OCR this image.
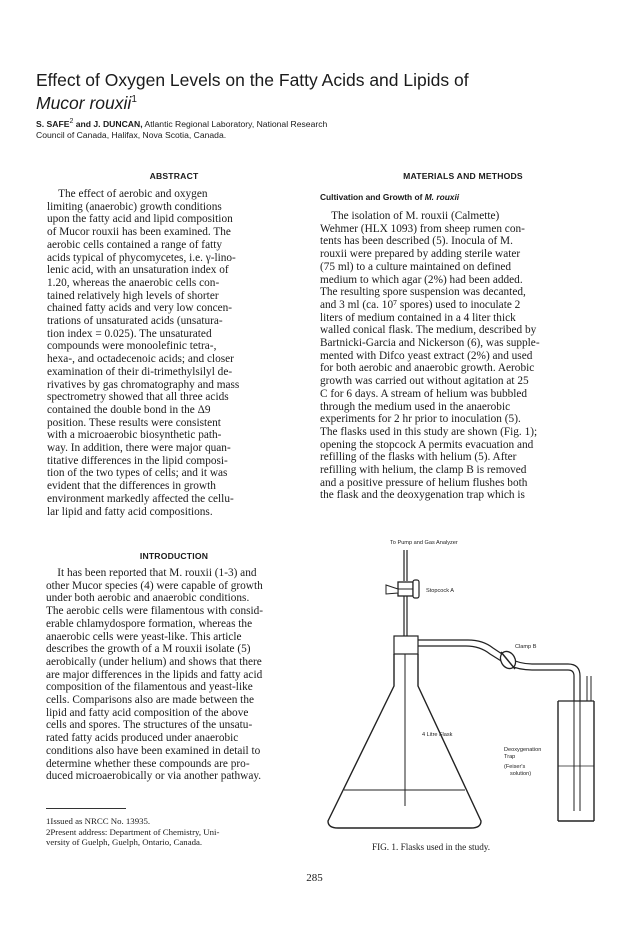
Effect of Oxygen Levels on the Fatty Acids and Lipids of
Mucor rouxii$^1$
S. SAFE$^2$ and J. DUNCAN, Atlantic Regional Laboratory, National Research
Council of Canada, Halifax, Nova Scotia, Canada.
ABSTRACT
The effect of aerobic and oxygen
limiting (anaerobic) growth conditions
upon the fatty acid and lipid composition
of Mucor rouxii has been examined. The
aerobic cells contained a range of fatty
acids typical of phycomycetes, i.e. γ-lino-
lenic acid, with an unsaturation index of
1.20, whereas the anaerobic cells con-
tained relatively high levels of shorter
chained fatty acids and very low concen-
trations of unsaturated acids (unsatura-
tion index = 0.025). The unsaturated
compounds were monoolefinic tetra-,
hexa-, and octadecenoic acids; and closer
examination of their di-trimethylsilyl de-
rivatives by gas chromatography and mass
spectrometry showed that all three acids
contained the double bond in the Δ9
position. These results were consistent
with a microaerobic biosynthetic path-
way. In addition, there were major quan-
titative differences in the lipid composi-
tion of the two types of cells; and it was
evident that the differences in growth
environment markedly affected the cellu-
lar lipid and fatty acid compositions.
INTRODUCTION
It has been reported that M. rouxii (1-3) and
other Mucor species (4) were capable of growth
under both aerobic and anaerobic conditions.
The aerobic cells were filamentous with consid-
erable chlamydospore formation, whereas the
anaerobic cells were yeast-like. This article
describes the growth of a M rouxii isolate (5)
aerobically (under helium) and shows that there
are major differences in the lipids and fatty acid
composition of the filamentous and yeast-like
cells. Comparisons also are made between the
lipid and fatty acid composition of the above
cells and spores. The structures of the unsatu-
rated fatty acids produced under anaerobic
conditions also have been examined in detail to
determine whether these compounds are pro-
duced microaerobically or via another pathway.
1Issued as NRCC No. 13935.
2Present address: Department of Chemistry, Uni-
versity of Guelph, Guelph, Ontario, Canada.
MATERIALS AND METHODS
Cultivation and Growth of M. rouxii
The isolation of M. rouxii (Calmette)
Wehmer (HLX 1093) from sheep rumen con-
tents has been described (5). Inocula of M.
rouxii were prepared by adding sterile water
(75 ml) to a culture maintained on defined
medium to which agar (2%) had been added.
The resulting spore suspension was decanted,
and 3 ml (ca. 10⁷ spores) used to inoculate 2
liters of medium contained in a 4 liter thick
walled conical flask. The medium, described by
Bartnicki-Garcia and Nickerson (6), was supple-
mented with Difco yeast extract (2%) and used
for both aerobic and anaerobic growth. Aerobic
growth was carried out without agitation at 25
C for 6 days. A stream of helium was bubbled
through the medium used in the anaerobic
experiments for 2 hr prior to inoculation (5).
The flasks used in this study are shown (Fig. 1);
opening the stopcock A permits evacuation and
refilling of the flasks with helium (5). After
refilling with helium, the clamp B is removed
and a positive pressure of helium flushes both
the flask and the deoxygenation trap which is
To Pump and Gas Analyzer
Stopcock A
Clamp B
4 Litre Flask
Deoxygenation
Trap
(Feiser's
solution)
FIG. 1. Flasks used in the study.
285
